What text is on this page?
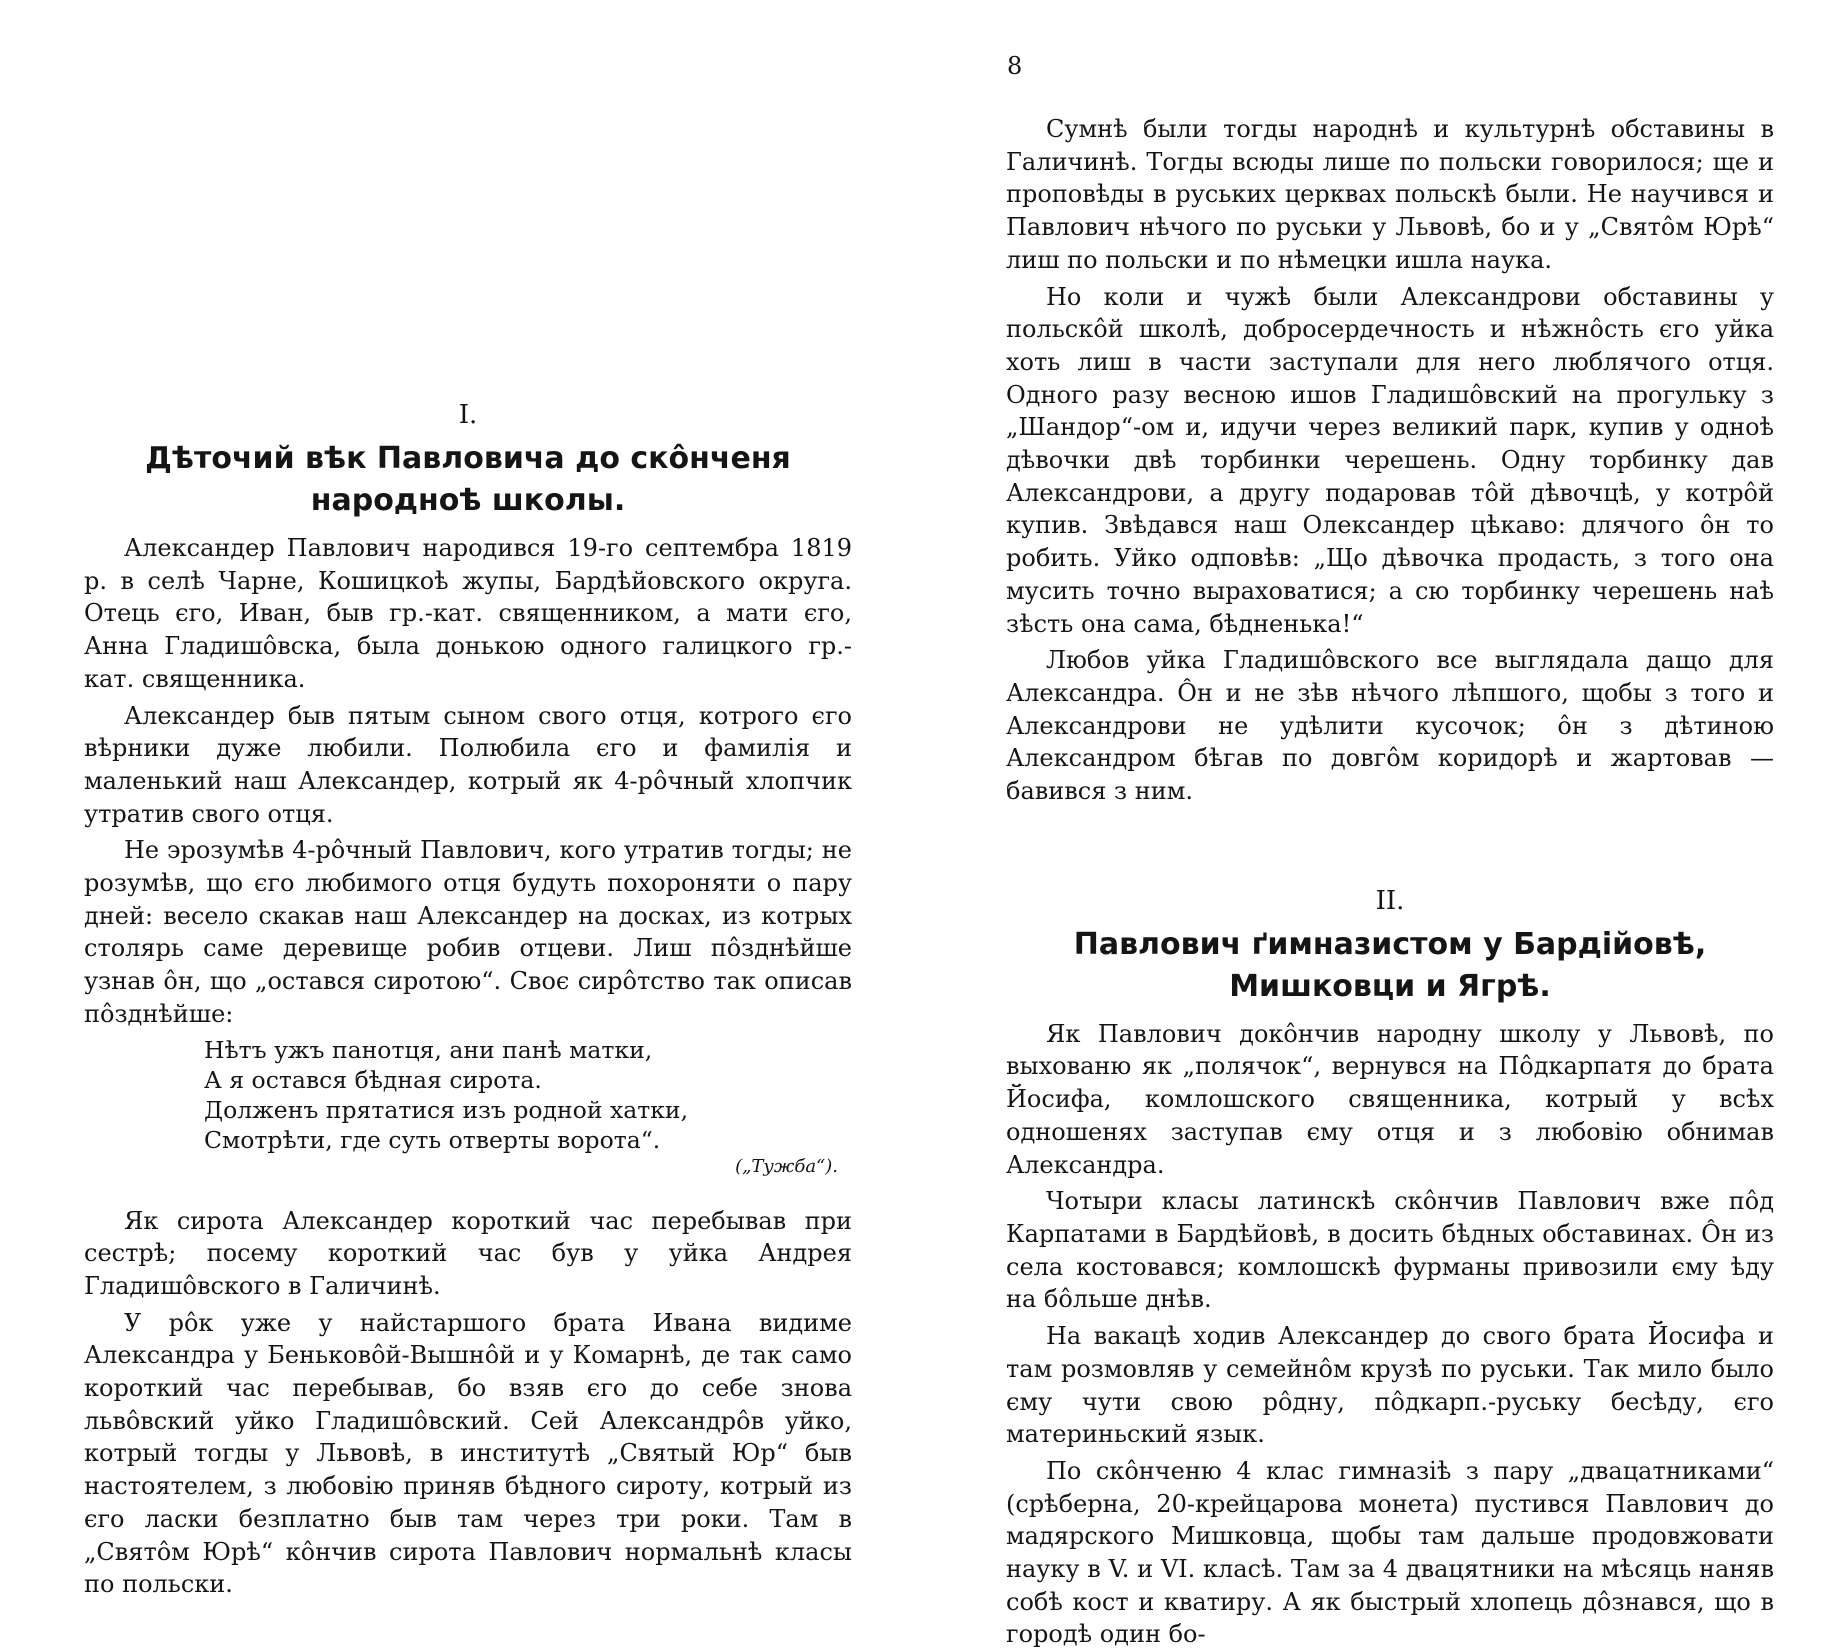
I.
Дѣточий вѣк Павловича до скôнченя народноѣ школы.

Александер Павлович народився 19-го септембра 1819 р. в селѣ Чарне, Кошицкоѣ жупы, Бардѣйовского округа. Отець єго, Иван, быв гр.-кат. священником, а мати єго, Анна Гладишôвска, была донькою одного галицкого гр.-кат. священника.

Александер быв пятым сыном свого отця, котрого єго вѣрники дуже любили. Полюбила єго и фамилія и маленький наш Александер, котрый як 4-рôчный хлопчик утратив свого отця.

Не эрозумѣв 4-рôчный Павлович, кого утратив тогды; не розумѣв, що єго любимого отця будуть похороняти о пару дней: весело скакав наш Александер на досках, из котрых столярь саме деревище робив отцеви. Лиш пôзднѣйше узнав ôн, що „остався сиротою“. Своє сирôтство так описав пôзднѣйше:

Нѣтъ ужъ панотця, ани панѣ матки,

А я остався бѣдная сирота.

Долженъ прятатися изъ родной хатки,

Смотрѣти, где суть отверты ворота“.

(„Тужба“).

Як сирота Александер короткий час перебывав при сестрѣ; посему короткий час був у уйка Андрея Гладишôвского в Галичинѣ.

У рôк уже у найстаршого брата Ивана видиме Александра у Беньковôй-Вышнôй и у Комарнѣ, де так само короткий час перебывав, бо взяв єго до себе знова львôвский уйко Гладишôвский. Сей Александрôв уйко, котрый тогды у Львовѣ, в институтѣ „Святый Юр“ быв настоятелем, з любовію приняв бѣдного сироту, котрый из єго ласки безплатно быв там через три роки. Там в „Святôм Юрѣ“ кôнчив сирота Павлович нормальнѣ класы по польски.

8

Сумнѣ были тогды народнѣ и культурнѣ обставины в Галичинѣ. Тогды всюды лише по польски говорилося; ще и проповѣды в руських церквах польскѣ были. Не научився и Павлович нѣчого по руськи у Львовѣ, бо и у „Святôм Юрѣ“ лиш по польски и по нѣмецки ишла наука.

Но коли и чужѣ были Александрови обставины у польскôй школѣ, добросердечность и нѣжнôсть єго уйка хоть лиш в части заступали для него люблячого отця. Одного разу весною ишов Гладишôвский на прогульку з „Шандор“-ом и, идучи через великий парк, купив у одноѣ дѣвочки двѣ торбинки черешень. Одну торбинку дав Александрови, а другу подаровав тôй дѣвочцѣ, у котрôй купив. Звѣдався наш Олександер цѣкаво: длячого ôн то робить. Уйко одповѣв: „Що дѣвочка продасть, з того она мусить точно выраховатися; а сю торбинку черешень наѣ зѣсть она сама, бѣдненька!“

Любов уйка Гладишôвского все выглядала дащо для Александра. Ôн и не зѣв нѣчого лѣпшого, щобы з того и Александрови не удѣлити кусочок; ôн з дѣтиною Александром бѣгав по довгôм коридорѣ и жартовав — бавився з ним.

II.
Павлович ґимназистом у Бардійовѣ, Мишковци и Ягрѣ.

Як Павлович докôнчив народну школу у Львовѣ, по выхованю як „полячок“, вернувся на Пôдкарпатя до брата Йосифа, комлошского священника, котрый у всѣх одношенях заступав єму отця и з любовію обнимав Александра.

Чотыри класы латинскѣ скôнчив Павлович вже пôд Карпатами в Бардѣйовѣ, в досить бѣдных обставинах. Ôн из села костовався; комлошскѣ фурманы привозили єму ѣду на бôльше днѣв.

На вакацѣ ходив Александер до свого брата Йосифа и там розмовляв у семейнôм крузѣ по руськи. Так мило было єму чути свою рôдну, пôдкарп.-руську бесѣду, єго материньский язык.

По скôнченю 4 клас гимназіѣ з пару „двацатниками“ (срѣберна, 20-крейцарова монета) пустився Павлович до мадярского Мишковца, щобы там дальше продовжовати науку в V. и VI. класѣ. Там за 4 двацятники на мѣсяць наняв собѣ кост и кватиру. А як быстрый хлопець дôзнався, що в городѣ один бо-
